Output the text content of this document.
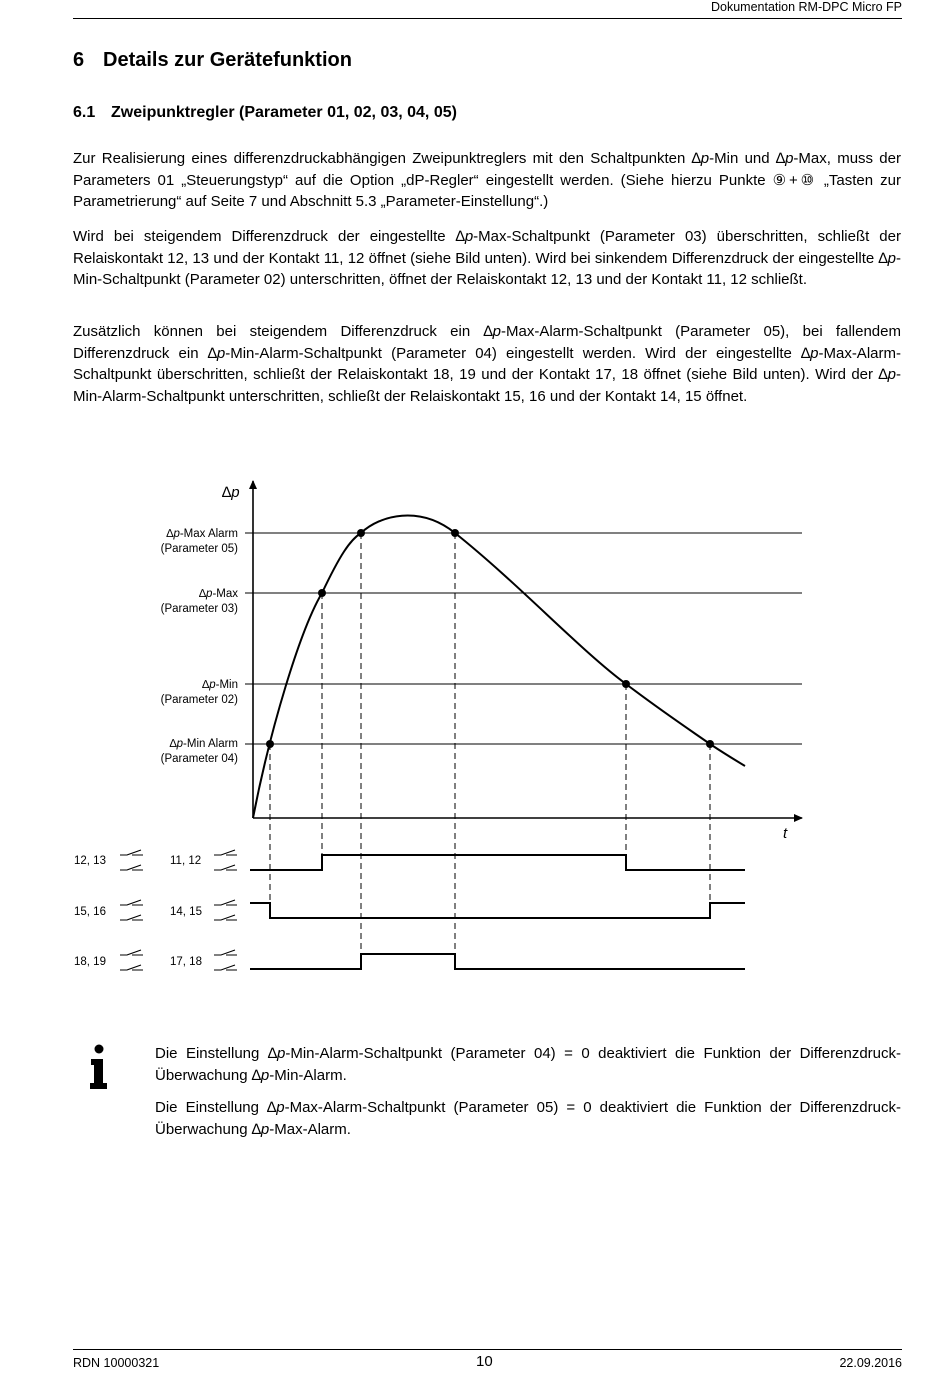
Dokumentation RM-DPC Micro FP
6 Details zur Gerätefunktion
6.1 Zweipunktregler (Parameter 01, 02, 03, 04, 05)

Zur Realisierung eines differenzdruckabhängigen Zweipunktreglers mit den Schaltpunkten ∆p-Min und ∆p-Max, muss der Parameters 01 „Steuerungstyp“ auf die Option „dP-Regler“ eingestellt werden. (Siehe hierzu Punkte ⑨+⑩ „Tasten zur Parametrierung“ auf Seite 7 und Abschnitt 5.3 „Parameter-Einstellung“.)

Wird bei steigendem Differenzdruck der eingestellte ∆p-Max-Schaltpunkt (Parameter 03) überschritten, schließt der Relaiskontakt 12, 13 und der Kontakt 11, 12 öffnet (siehe Bild unten). Wird bei sinkendem Differenzdruck der eingestellte ∆p-Min-Schaltpunkt (Parameter 02) unterschritten, öffnet der Relaiskontakt 12, 13 und der Kontakt 11, 12 schließt.

Zusätzlich können bei steigendem Differenzdruck ein ∆p-Max-Alarm-Schaltpunkt (Parameter 05), bei fallendem Differenzdruck ein ∆p-Min-Alarm-Schaltpunkt (Parameter 04) eingestellt werden. Wird der eingestellte ∆p-Max-Alarm-Schaltpunkt überschritten, schließt der Relaiskontakt 18, 19 und der Kontakt 17, 18 öffnet (siehe Bild unten). Wird der ∆p-Min-Alarm-Schaltpunkt unterschritten, schließt der Relaiskontakt 15, 16 und der Kontakt 14, 15 öffnet.

∆p
t
∆p-Max Alarm
(Parameter 05)
∆p-Max
(Parameter 03)
∆p-Min
(Parameter 02)
∆p-Min Alarm
(Parameter 04)
12, 13	11, 12
15, 16	14, 15
18, 19	17, 18

Die Einstellung ∆p-Min-Alarm-Schaltpunkt (Parameter 04) = 0 deaktiviert die Funktion der Differenzdruck-Überwachung ∆p-Min-Alarm.

Die Einstellung ∆p-Max-Alarm-Schaltpunkt (Parameter 05) = 0 deaktiviert die Funktion der Differenzdruck-Überwachung ∆p-Max-Alarm.

RDN 10000321	10	22.09.2016
